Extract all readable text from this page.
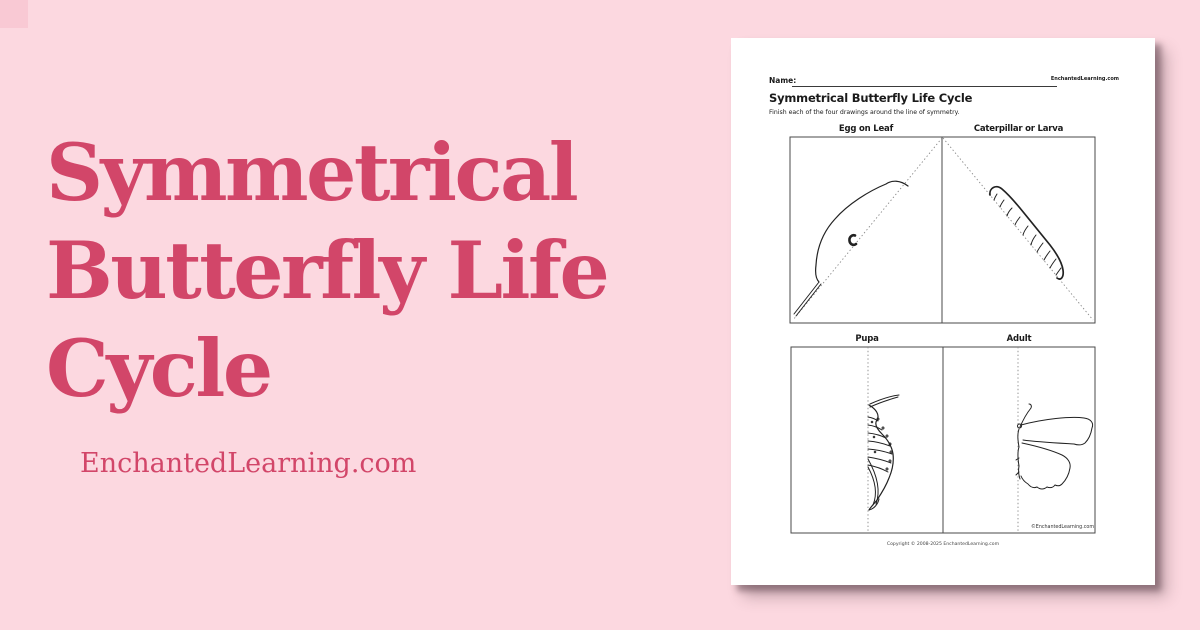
Symmetrical
Butterfly Life
Cycle
EnchantedLearning.com
Name:	EnchantedLearning.com
Symmetrical Butterfly Life Cycle
Finish each of the four drawings around the line of symmetry.
Egg on Leaf	Caterpillar or Larva
Pupa	Adult
©EnchantedLearning.com
Copyright © 2008-2025 EnchantedLearning.com
